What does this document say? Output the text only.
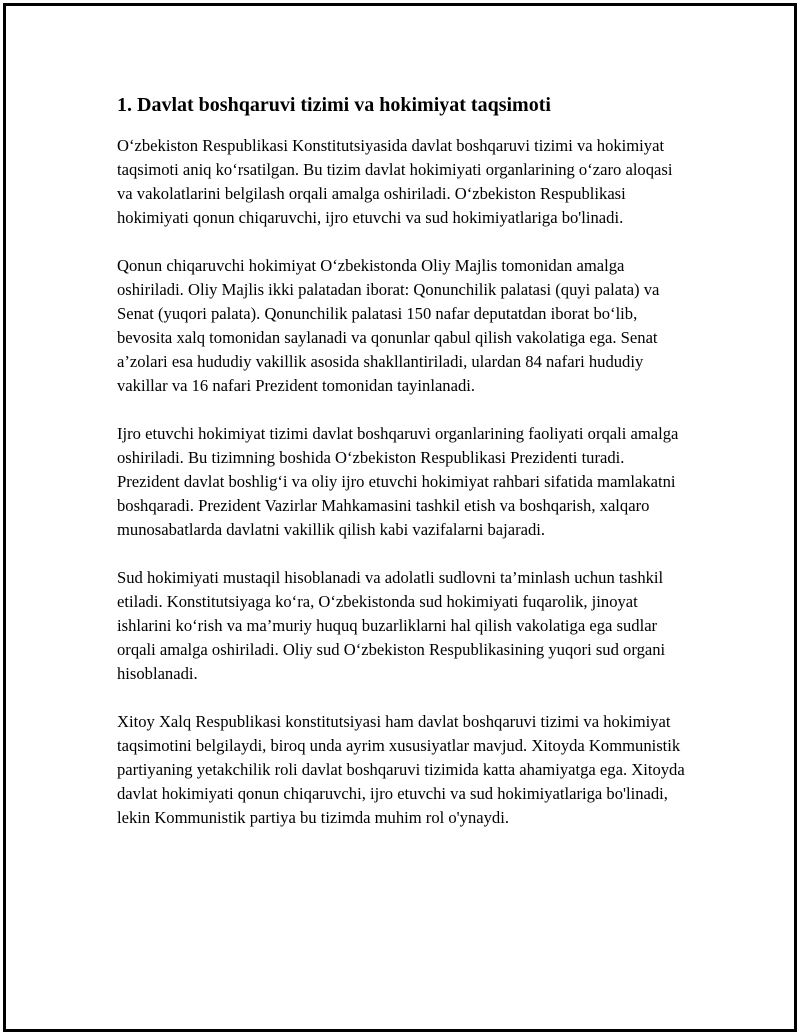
1. Davlat boshqaruvi tizimi va hokimiyat taqsimoti

O‘zbekiston Respublikasi Konstitutsiyasida davlat boshqaruvi tizimi va hokimiyat taqsimoti aniq ko‘rsatilgan. Bu tizim davlat hokimiyati organlarining o‘zaro aloqasi va vakolatlarini belgilash orqali amalga oshiriladi. O‘zbekiston Respublikasi hokimiyati qonun chiqaruvchi, ijro etuvchi va sud hokimiyatlariga bo'linadi.

Qonun chiqaruvchi hokimiyat O‘zbekistonda Oliy Majlis tomonidan amalga oshiriladi. Oliy Majlis ikki palatadan iborat: Qonunchilik palatasi (quyi palata) va Senat (yuqori palata). Qonunchilik palatasi 150 nafar deputatdan iborat bo‘lib, bevosita xalq tomonidan saylanadi va qonunlar qabul qilish vakolatiga ega. Senat a’zolari esa hududiy vakillik asosida shakllantiriladi, ulardan 84 nafari hududiy vakillar va 16 nafari Prezident tomonidan tayinlanadi.

Ijro etuvchi hokimiyat tizimi davlat boshqaruvi organlarining faoliyati orqali amalga oshiriladi. Bu tizimning boshida O‘zbekiston Respublikasi Prezidenti turadi. Prezident davlat boshlig‘i va oliy ijro etuvchi hokimiyat rahbari sifatida mamlakatni boshqaradi. Prezident Vazirlar Mahkamasini tashkil etish va boshqarish, xalqaro munosabatlarda davlatni vakillik qilish kabi vazifalarni bajaradi.

Sud hokimiyati mustaqil hisoblanadi va adolatli sudlovni ta’minlash uchun tashkil etiladi. Konstitutsiyaga ko‘ra, O‘zbekistonda sud hokimiyati fuqarolik, jinoyat ishlarini ko‘rish va ma’muriy huquq buzarliklarni hal qilish vakolatiga ega sudlar orqali amalga oshiriladi. Oliy sud O‘zbekiston Respublikasining yuqori sud organi hisoblanadi.

Xitoy Xalq Respublikasi konstitutsiyasi ham davlat boshqaruvi tizimi va hokimiyat taqsimotini belgilaydi, biroq unda ayrim xususiyatlar mavjud. Xitoyda Kommunistik partiyaning yetakchilik roli davlat boshqaruvi tizimida katta ahamiyatga ega. Xitoyda davlat hokimiyati qonun chiqaruvchi, ijro etuvchi va sud hokimiyatlariga bo'linadi, lekin Kommunistik partiya bu tizimda muhim rol o'ynaydi.
